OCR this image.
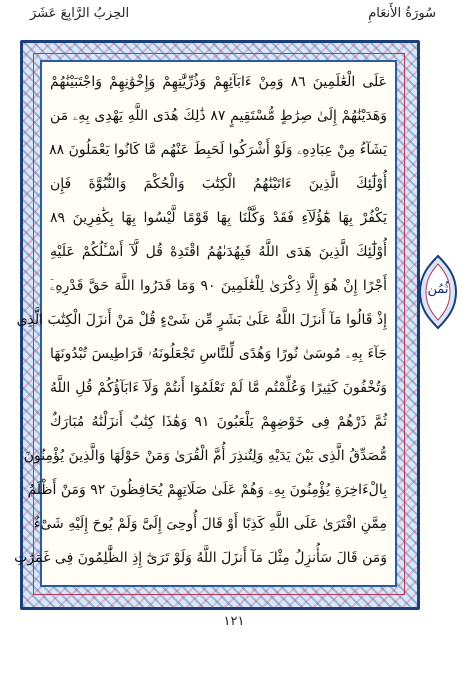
سُورَةُ الأَنعَامِ
الحِزبُ الرَّابِعَ عَشَرَ
عَلَى الْعَٰلَمِينَ ٨٦ وَمِنْ ءَابَآئِهِمْ وَذُرِّيَّٰتِهِمْ وَإِخْوَٰنِهِمْ وَاجْتَبَيْنَٰهُمْ
وَهَدَيْنَٰهُمْ إِلَىٰ صِرَٰطٍ مُّسْتَقِيمٍ ٨٧ ذَٰلِكَ هُدَى اللَّهِ يَهْدِى بِهِۦ مَن
يَشَآءُ مِنْ عِبَادِهِۦ وَلَوْ أَشْرَكُوا لَحَبِطَ عَنْهُم مَّا كَانُوا يَعْمَلُونَ ٨٨
أُوْلَٰٓئِكَ الَّذِينَ ءَاتَيْنَٰهُمُ الْكِتَٰبَ وَالْحُكْمَ وَالنُّبُوَّةَ فَإِن
يَكْفُرْ بِهَا هَٰٓؤُلَآءِ فَقَدْ وَكَّلْنَا بِهَا قَوْمًا لَّيْسُوا بِهَا بِكَٰفِرِينَ ٨٩
أُوْلَٰٓئِكَ الَّذِينَ هَدَى اللَّهُ فَبِهُدَىٰهُمُ اقْتَدِهْ قُل لَّآ أَسْـَٔلُكُمْ عَلَيْهِ
أَجْرًا إِنْ هُوَ إِلَّا ذِكْرَىٰ لِلْعَٰلَمِينَ ٩٠ وَمَا قَدَرُوا اللَّهَ حَقَّ قَدْرِهِۦٓ
إِذْ قَالُوا مَآ أَنزَلَ اللَّهُ عَلَىٰ بَشَرٍ مِّن شَىْءٍ قُلْ مَنْ أَنزَلَ الْكِتَٰبَ الَّذِى
جَآءَ بِهِۦ مُوسَىٰ نُورًا وَهُدًى لِّلنَّاسِ تَجْعَلُونَهُۥ قَرَاطِيسَ تُبْدُونَهَا
وَتُخْفُونَ كَثِيرًا وَعُلِّمْتُم مَّا لَمْ تَعْلَمُوٓا أَنتُمْ وَلَآ ءَابَآؤُكُمْ قُلِ اللَّهُ
ثُمَّ ذَرْهُمْ فِى خَوْضِهِمْ يَلْعَبُونَ ٩١ وَهَٰذَا كِتَٰبٌ أَنزَلْنَٰهُ مُبَارَكٌ
مُّصَدِّقُ الَّذِى بَيْنَ يَدَيْهِ وَلِتُنذِرَ أُمَّ الْقُرَىٰ وَمَنْ حَوْلَهَا وَالَّذِينَ يُؤْمِنُونَ
بِالْءَاخِرَةِ يُؤْمِنُونَ بِهِۦ وَهُمْ عَلَىٰ صَلَاتِهِمْ يُحَافِظُونَ ٩٢ وَمَنْ أَظْلَمُ
مِمَّنِ افْتَرَىٰ عَلَى اللَّهِ كَذِبًا أَوْ قَالَ أُوحِىَ إِلَىَّ وَلَمْ يُوحَ إِلَيْهِ شَىْءٌ
وَمَن قَالَ سَأُنزِلُ مِثْلَ مَآ أَنزَلَ اللَّهُ وَلَوْ تَرَىٰٓ إِذِ الظَّٰلِمُونَ فِى غَمَرَٰتِ
ثُمُن
١٢١
